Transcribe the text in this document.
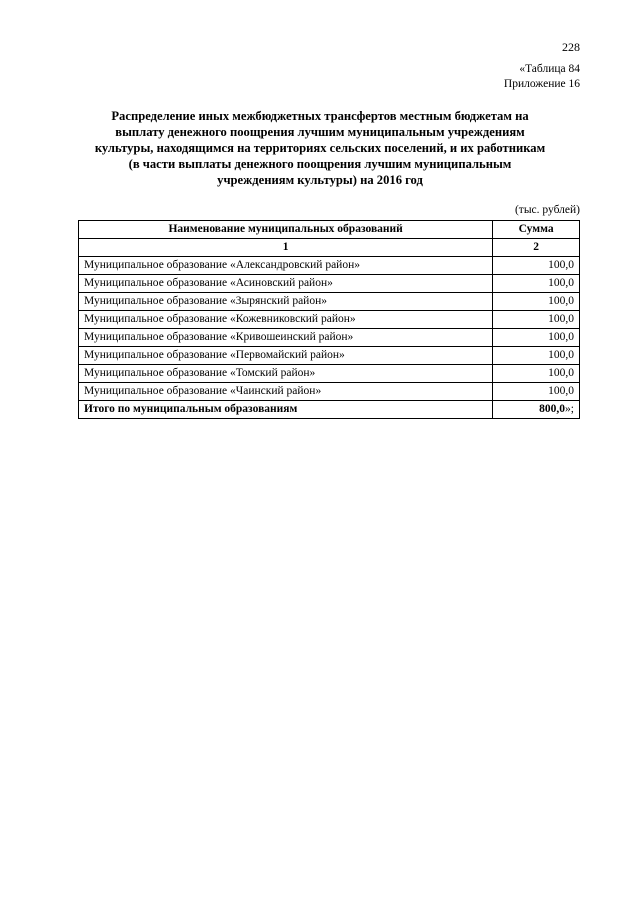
228
«Таблица 84
Приложение 16
Распределение иных межбюджетных трансфертов местным бюджетам на
выплату денежного поощрения лучшим муниципальным учреждениям
культуры, находящимся на территориях сельских поселений, и их работникам
(в части выплаты денежного поощрения лучшим муниципальным
учреждениям культуры) на 2016 год
(тыс. рублей)
Наименование муниципальных образований	Сумма
1	2
Муниципальное образование «Александровский район»	100,0
Муниципальное образование «Асиновский район»	100,0
Муниципальное образование «Зырянский район»	100,0
Муниципальное образование «Кожевниковский район»	100,0
Муниципальное образование «Кривошеинский район»	100,0
Муниципальное образование «Первомайский район»	100,0
Муниципальное образование «Томский район»	100,0
Муниципальное образование «Чаинский район»	100,0
Итого по муниципальным образованиям	800,0»;
